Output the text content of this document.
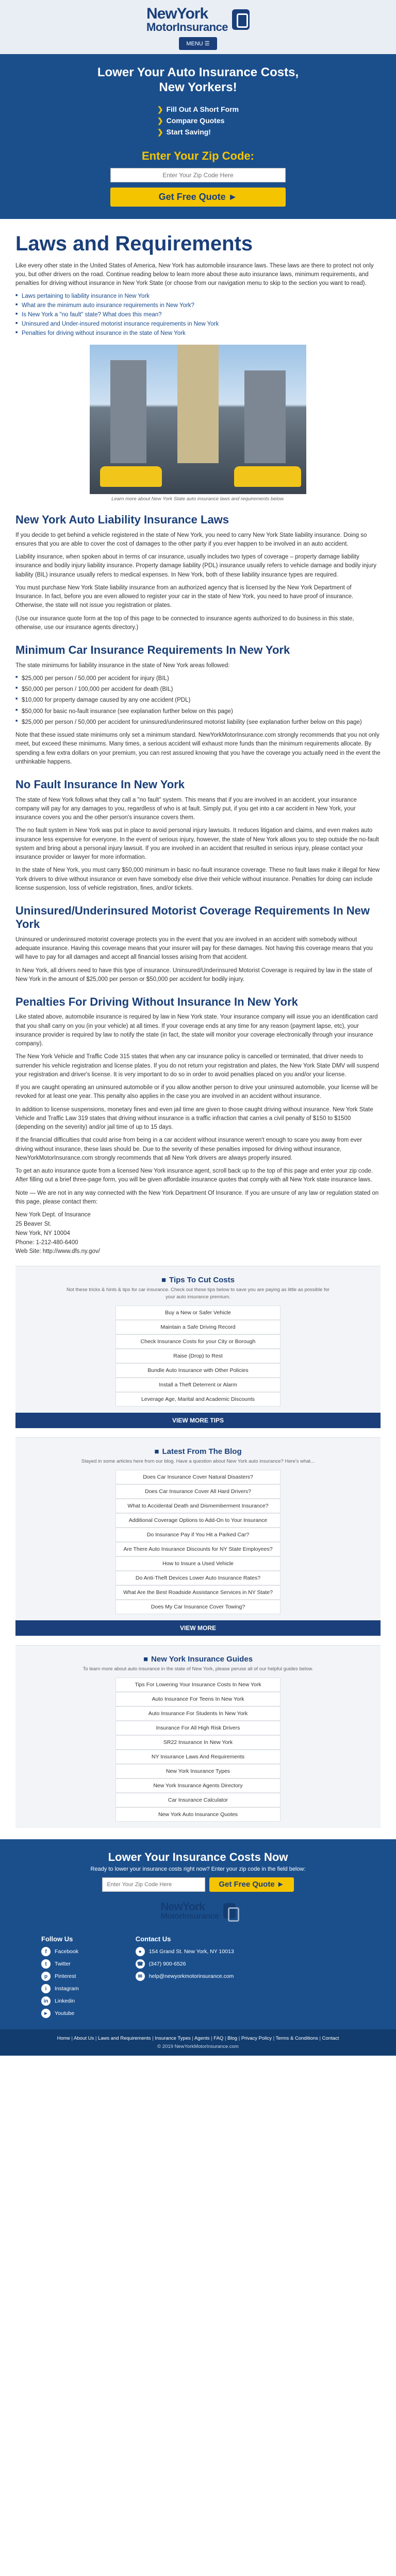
NewYork
MotorInsurance
MENU ☰
Lower Your Auto Insurance Costs, New Yorkers!
❯ Fill Out A Short Form
❯ Compare Quotes
❯ Start Saving!
Enter Your Zip Code:
Enter Your Zip Code Here Get Free Quote ►
Laws and Requirements

Like every other state in the United States of America, New York has automobile insurance laws. These laws are there to protect not only you, but other drivers on the road. Continue reading below to learn more about these auto insurance laws, minimum requirements, and penalties for driving without insurance in New York State (or choose from our navigation menu to skip to the section you want to read).

■ Laws pertaining to liability insurance in New York
■ What are the minimum auto insurance requirements in New York?
■ Is New York a "no fault" state? What does this mean?
■ Uninsured and Under-insured motorist insurance requirements in New York
■ Penalties for driving without insurance in the state of New York
Learn more about New York State auto insurance laws and requirements below.
New York Auto Liability Insurance Laws

If you decide to get behind a vehicle registered in the state of New York, you need to carry New York State liability insurance. Doing so ensures that you are able to cover the cost of damages to the other party if you ever happen to be involved in an auto accident.

Liability insurance, when spoken about in terms of car insurance, usually includes two types of coverage – property damage liability insurance and bodily injury liability insurance. Property damage liability (PDL) insurance usually refers to vehicle damage and bodily injury liability (BIL) insurance usually refers to medical expenses. In New York, both of these liability insurance types are required.

You must purchase New York State liability insurance from an authorized agency that is licensed by the New York Department of Insurance. In fact, before you are even allowed to register your car in the state of New York, you need to have proof of insurance. Otherwise, the state will not issue you registration or plates.

(Use our insurance quote form at the top of this page to be connected to insurance agents authorized to do business in this state, otherwise, use our insurance agents directory.)

Minimum Car Insurance Requirements In New York

The state minimums for liability insurance in the state of New York areas followed:

■ $25,000 per person / 50,000 per accident for injury (BIL)
■ $50,000 per person / 100,000 per accident for death (BIL)
■ $10,000 for property damage caused by any one accident (PDL)
■ $50,000 for basic no-fault insurance (see explanation further below on this page)
■ $25,000 per person / 50,000 per accident for uninsured/underinsured motorist liability (see explanation further below on this page)

Note that these issued state minimums only set a minimum standard. NewYorkMotorInsurance.com strongly recommends that you not only meet, but exceed these minimums. Many times, a serious accident will exhaust more funds than the minimum requirements allocate. By spending a few extra dollars on your premium, you can rest assured knowing that you have the coverage you actually need in the event the unthinkable happens.

No Fault Insurance In New York

The state of New York follows what they call a "no fault" system. This means that if you are involved in an accident, your insurance company will pay for any damages to you, regardless of who is at fault. Simply put, if you get into a car accident in New York, your insurance covers you and the other person's insurance covers them.

The no fault system in New York was put in place to avoid personal injury lawsuits. It reduces litigation and claims, and even makes auto insurance less expensive for everyone. In the event of serious injury, however, the state of New York allows you to step outside the no-fault system and bring about a personal injury lawsuit. If you are involved in an accident that resulted in serious injury, please contact your insurance provider or lawyer for more information.

In the state of New York, you must carry $50,000 minimum in basic no-fault insurance coverage. These no fault laws make it illegal for New York drivers to drive without insurance or even have somebody else drive their vehicle without insurance. Penalties for doing can include license suspension, loss of vehicle registration, fines, and/or tickets.

Uninsured/Underinsured Motorist Coverage Requirements In New York

Uninsured or underinsured motorist coverage protects you in the event that you are involved in an accident with somebody without adequate insurance. Having this coverage means that your insurer will pay for these damages. Not having this coverage means that you will have to pay for all damages and accept all financial losses arising from that accident.

In New York, all drivers need to have this type of insurance. Uninsured/Underinsured Motorist Coverage is required by law in the state of New York in the amount of $25,000 per person or $50,000 per accident for bodily injury.

Penalties For Driving Without Insurance In New York

Like stated above, automobile insurance is required by law in New York state. Your insurance company will issue you an identification card that you shall carry on you (in your vehicle) at all times. If your coverage ends at any time for any reason (payment lapse, etc), your insurance provider is required by law to notify the state (in fact, the state will monitor your coverage electronically through your insurance company).

The New York Vehicle and Traffic Code 315 states that when any car insurance policy is cancelled or terminated, that driver needs to surrender his vehicle registration and license plates. If you do not return your registration and plates, the New York State DMV will suspend your registration and driver's license. It is very important to do so in order to avoid penalties placed on you and/or your license.

If you are caught operating an uninsured automobile or if you allow another person to drive your uninsured automobile, your license will be revoked for at least one year. This penalty also applies in the case you are involved in an accident without insurance.

In addition to license suspensions, monetary fines and even jail time are given to those caught driving without insurance. New York State Vehicle and Traffic Law 319 states that driving without insurance is a traffic infraction that carries a civil penalty of $150 to $1500 (depending on the severity) and/or jail time of up to 15 days.

If the financial difficulties that could arise from being in a car accident without insurance weren't enough to scare you away from ever driving without insurance, these laws should be. Due to the severity of these penalties imposed for driving without insurance, NewYorkMotorInsurance.com strongly recommends that all New York drivers are always properly insured.

To get an auto insurance quote from a licensed New York insurance agent, scroll back up to the top of this page and enter your zip code. After filling out a brief three-page form, you will be given affordable insurance quotes that comply with all New York state insurance laws.

Note — We are not in any way connected with the New York Department Of Insurance. If you are unsure of any law or regulation stated on this page, please contact them:

New York Dept. of Insurance
25 Beaver St.
New York, NY 10004
Phone: 1-212-480-6400
Web Site: http://www.dfs.ny.gov/
■ Tips To Cut Costs
Not these tricks & hints & tips for car insurance. Check out these tips below to save you are paying as little as possible for your auto insurance premium.
Buy a New or Safer Vehicle
Maintain a Safe Driving Record
Check Insurance Costs for your City or Borough
Raise (Drop) to Rest
Bundle Auto Insurance with Other Policies
Install a Theft Deterrent or Alarm
Leverage Age, Marital and Academic Discounts
VIEW MORE TIPS
■ Latest From The Blog
Stayed in some articles here from our blog. Have a question about New York auto insurance? Here's what...
Does Car Insurance Cover Natural Disasters?
Does Car Insurance Cover All Hard Drivers?
What to Accidental Death and Dismemberment Insurance?
Additional Coverage Options to Add-On to Your Insurance
Do Insurance Pay if You Hit a Parked Car?
Are There Auto Insurance Discounts for NY State Employees?
How to Insure a Used Vehicle
Do Anti-Theft Devices Lower Auto Insurance Rates?
What Are the Best Roadside Assistance Services in NY State?
Does My Car Insurance Cover Towing?
VIEW MORE
■ New York Insurance Guides
To learn more about auto insurance in the state of New York, please peruse all of our helpful guides below.
Tips For Lowering Your Insurance Costs In New York
Auto Insurance For Teens In New York
Auto Insurance For Students In New York
Insurance For All High Risk Drivers
SR22 Insurance In New York
NY Insurance Laws And Requirements
New York Insurance Types
New York Insurance Agents Directory
Car Insurance Calculator
New York Auto Insurance Quotes
Lower Your Insurance Costs Now

Ready to lower your insurance costs right now? Enter your zip code in the field below:

Enter Your Zip Code Here
Get Free Quote ►
NewYork
MotorInsurance
Follow Us
f	Facebook
t	Twitter
p	Pinterest
i	Instagram
in	Linkedin
►	Youtube
Contact Us
●	154 Grand St. New York, NY 10013
☎ (347) 900-6526
✉	help@newyorkmotorinsurance.com
Home | About Us | Laws and Requirements | Insurance Types | Agents | FAQ | Blog | Privacy Policy | Terms & Conditions | Contact
© 2019 NewYorkMotorInsurance.com
